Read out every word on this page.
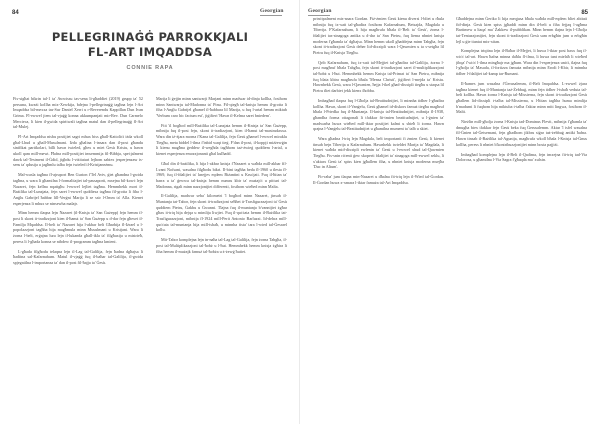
84	Georgian
PELLEGRINAĠĠ PARROKKJALI
FL-ART IMQADDSA
CONNIE RAPA

Fis-sigħat bikrin tal-1 ta' Awwissu tas-sena li-għaddiet (2019) grupp ta' 52 persuna, kważi kollha mix-Xewkija, bdejna l-pellegrinaġġ tagħna lejn l-Art Imqaddsa bil-mexxa tas-Sur Daniel Xerri u r-Reverendu Kappillan Dun Ivan Grima. Fl-ewwel jiem tal-vjaġġ konna akkumpanjati mir-Rev. Dun Carmelo Mercieca, li kien il-gwida spiritwali tagħna matul dan il-pellegrinaġġ fl-Art tal-Mulej.

Fl-Art Imqaddsa nisbu postijiet sagri mhux biss għall-Kattoliċi iżda wkoll għal-Lhud u għall-Musulmani. Iżda għalina l-insara dan il-post għandu sinifikat partikolari, billi hawn twieled, għex u miet Ġesù Kristu, u hawn ukoll qam mill-mewt. Ħafna mill-postijiet imsemmija fil-Bibbja, speċjalment dawk tal-Testment il-Ġdid, jiġbdu l-viżitaturi lejhom sabiex jesperjenzaw is-sens ta' qdusija u jagħmlu talba fejn twieled il-Kristjaneżmu.

Mal-wasla tagħna fl-ajruport Ben Gurion f'Tel Aviv, ġiet għandna l-gwida tagħna, u wara li għamilna l-formalitajiet tal-passaporti, mxejna bil-kowċ lejn Nazaret, fejn kellna nqattgħu l-ewwel lejliet tagħna. Hemmhekk mort il-Bażilika tal-Lunzjata, fejn saret l-ewwel quddiesa tagħna fil-grotta li fiha l-Anġlu Gabrijel ħabbar lill-Verġni Marija li se ssir l-Omm ta' Alla. Kienet esperjenza li mhux se ninsewha malajr.

Minn hemm tlaqna lejn Nazaret (il-Knisja ta' San Ġużepp) fejn hemm il-post li skont it-tradizzjoni kien il-ħanut ta' San Ġużepp u d-dar fejn għexet il-Familja Mqaddsa. Il-belt ta' Nazaret hija l-akbar belt Għarbija fl-Iżrael u l-popolazzjoni tagħha hija magħmula minn Musulmani u Kristjani. Wara li żorna l-belt, erġajna lura lejn il-lukanda għall-ikla ta' filgħaxija u mistrieħ, peress li l-għada konna se nibdew il-programm tagħna kmieni.

L-għada filgħodu telaqna lejn il-Lag tal-Galilija, fejn ħadna dgħajsa li ħaditna sal-Kafarnahum. Matul il-vjaġġ fuq il-baħar tal-Galilija, il-gwida spjegatilna l-importanza ta' dan il-post fil-ħajja ta' Ġesù.

Marija li ġejjin minn santwarji Marjani minn madwar id-dinja kollha, fosthom minn Santwarju tal-Madonna ta' Pinu. Fil-qiegħ tal-knisja hemm il-grotta li fiha l-Anġlu Gabrijel għamel il-ħabbara lil Marija, u fuq l-artal hemm miktub 'Verbum caro hic factum est', jiġifieri 'Hawn il-Kelma saret bniedem'.

Ftit 'il bogħod mill-Bażilika tal-Lunzjata hemm il-Knisja ta' San Ġużepp, mibnija fuq il-post fejn, skont it-tradizzjoni, kien il-ħanut tal-mastrudaxxa. Wara din iż-żjara morna f'Kana tal-Galilija, fejn Ġesù għamel l-ewwel miraklu Tiegħu, meta biddel l-ilma f'inbid waqt tieġ. F'dan il-post, il-koppji miżżewġin li kienu magħna ġeddew il-wegħda tagħhom taż-żwieġ quddiem l-artal, u kienet esperjenza emozzjonanti għal kulħadd.

Għal din il-bażilika, li hija l-akbar knisja f'Nazaret u waħda mill-akbar fil-Lvant Nofsani, wasalna filgħodu bikri. Il-bini tagħha beda fl-1960 u tlesta fl-1969, fuq il-fdalijiet ta' knejjes eqdem Biżantini u Kruċjati. Fuq il-ħitan ta' barra u ta' ġewwa tal-knisja hemm numru kbir ta' mużajċi u pitturi tal-Madonna, rigali minn nazzjonijiet differenti, fosthom wieħed minn Malta.

Il-Galilija, madwar seba' kilometri 'l bogħod minn Nazaret, jinsab il-Muntanja tat-Tabor, fejn skont it-tradizzjoni seħħet it-Trasfigurazzjoni ta' Ġesù quddiem Pietru, Ġakbu u Ġwanni. Tlajna fuq il-muntanja b'vannijiet żgħar għax it-triq hija dejqa u mimlija liwjiet. Fuq il-quċċata hemm il-Bażilika tat-Trasfigurazzjoni, mibnija fl-1924 mill-Perit Antonio Barluzzi. Id-dehra mill-quċċata tal-muntanja hija mill-isbaħ, u minnha tista' tara l-wied tal-Ġesrael kollu.

Mit-Tabor komplejna lejn in-naħa tal-Lag tal-Galilija, fejn żorna Tabgħa, il-post tal-Multiplikazzjoni tal-ħobż u l-ħut. Hemmhekk hemm knisja żgħira li fiha hemm il-mużajk famuż tal-ħobża u ż-żewġ ħutiet.

Georgian	85

prinċipalment mis-snara Gordan. Fiż-żmien Ġesù kienu diversi l-bliet u rħula mibnija fuq ix-xatt tal-għadira fosthom Kafarnahum, Betsajda, Magdala u Tiberija. F'Kafarnahum, li hija magħrufa bħala il-'Belt ta' Ġesù', żorna l-fdalijiet tas-sinagoga antika u d-dar ta' San Pietru, fuq liema nbniet knisja moderna f'għamla ta' dgħajsa. Minn hemm ukoll għaddejna minn Tabgħa, fejn skont it-tradizzjoni Ġesù deher lid-dixxipli wara l-Qawmien u ta s-setgħa lil Pietru fuq il-Knisja Tiegħu.

Qrib Kafarnahum, fuq ix-xatt tal-Mejjiet tal-għadira tal-Galilija, żorna l-post magħruf bħala Tabgħa, fejn skont it-tradizzjoni saret il-multiplikazzjoni tal-ħobż u l-ħut. Hemmhekk hemm Knisja tal-Primat ta' San Pietru, mibnija fuq blata kbira magħrufa bħala 'Mensa Christi', jiġifieri l-mejda ta' Kristu. Hawnhekk Ġesù, wara l-Qawmien, ħejja l-ikel għad-dixxipli tiegħu u staqsa lil Pietru tliet darbiet jekk kienx iħobbu.

Imbagħad tlaqna fuq l-Għolja tal-Beatitudnijiet, li minnha tidher l-għadira kollha. Hawn, skont il-Vanġelu, Ġesù għamel id-diskors famuż tiegħu magħruf bħala l-Priedka fuq il-Muntanja. Il-knisja tal-Beatitudnijiet, mibnija fl-1938, għandha forma ottagonali li tfakkar fit-tmien beatitudnijiet, u l-ġnien ta' madwarha huwa wieħed mill-iktar postijiet kalmi u sbieħ li żorna. Hawn qrajna l-Vanġelu tal-Beatitudnijiet u għamilna mument ta' talb u skiet.

Wara għadna l-triq lejn Magdala, belt importanti fi żmien Ġesù, li kienet tinsab bejn Tiberija u Kafarnahum. Hawnhekk twieldet Marija ta' Magdala, li kienet waħda mid-dixxipli ewlenin ta' Ġesù u l-ewwel xhud tal-Qawmien Tiegħu. Fis-snin riċenti ġew skoperti fdalijiet ta' sinagoga mill-ewwel seklu, li x'aktarx Ġesù ta' spiss kien jgħallem fiha, u nbniet knisja moderna msejħa 'Duc in Altum'.

Fir-raba' jum tlaqna min-Nazaret u dħalna fit-triq lejn il-Wied tal-Ġordan. Il-Ġordan huwa x-xmara l-iktar famuża tal-Art Imqaddsa.

Għaddejna minn Ġeriko li hija meqjusa bħala waħda mill-eqdem bliet abitati fid-dinja. Ġesù kien spiss jgħaddi minn din il-belt u fiha fejjaq l-agħma Bartimew u ltaqa' ma' Żakkew il-pubblikan. Minn hemm tlajna lejn l-Għolja tat-Tentazzjonijiet, fejn skont it-tradizzjoni Ġesù sam erbgħin jum u erbgħin lejl u ġie ttantat mix-xitan.

Komplejna triqitna lejn il-Baħar il-Mejjet, li huwa l-iktar post baxx fuq il-wiċċ tal-art. Hawn ħafna minna daħlu fl-ilma, li huwa tant mielaħ li wieħed jibqa' f'wiċċ l-ilma mingħajr ma jgħum. Wara din l-esperjenza uniċi, tlajna fuq l-għolja ta' Masada, il-fortizza famuża mibnija minn Erodi l-Kbir, li minnha tidher l-fdalijiet tal-kamp tar-Rumani.

Il-ħames jum wasalna f'Ġerusalemm, il-Belt Imqaddsa. L-ewwel żjara tagħna kienet fuq il-Muntanja taż-Żebbuġ, minn fejn tidher l-isbaħ veduta tal-belt kollha. Hawn żorna l-Knisja tal-Missierna, fejn skont it-tradizzjoni Ġesù għallem lid-dixxipli t-talba tal-Missierna, u l-ħitan tagħha huma mimlija b'madumi li fuqhom hija miktuba t-talba f'aktar minn mitt lingwa, fosthom il-Malti.

Nieżlin mill-għolja żorna l-Knisja tad-Dominus Flevit, mibnija f'għamla ta' dmugħa biex tfakkar fejn Ġesù beka fuq Ġerusalemm. Aktar 'l isfel wasalna fil-Ġnien tal-Ġetsemani, fejn għadhom jikbru siġar taż-żebbuġ antiki ħafna. Hawn tinsab il-Bażilika tal-Agunija, magħrufa wkoll bħala l-Knisja tal-Ġnus kollha, peress li nbniet b'kontribuzzjonijiet minn bosta pajjiżi.

Imbagħad komplejna lejn il-Belt il-Qadima, fejn imxejna fit-triq tad-Via Dolorosa, u għamilna l-Via Sagra f'għaqda ma' xulxin.
